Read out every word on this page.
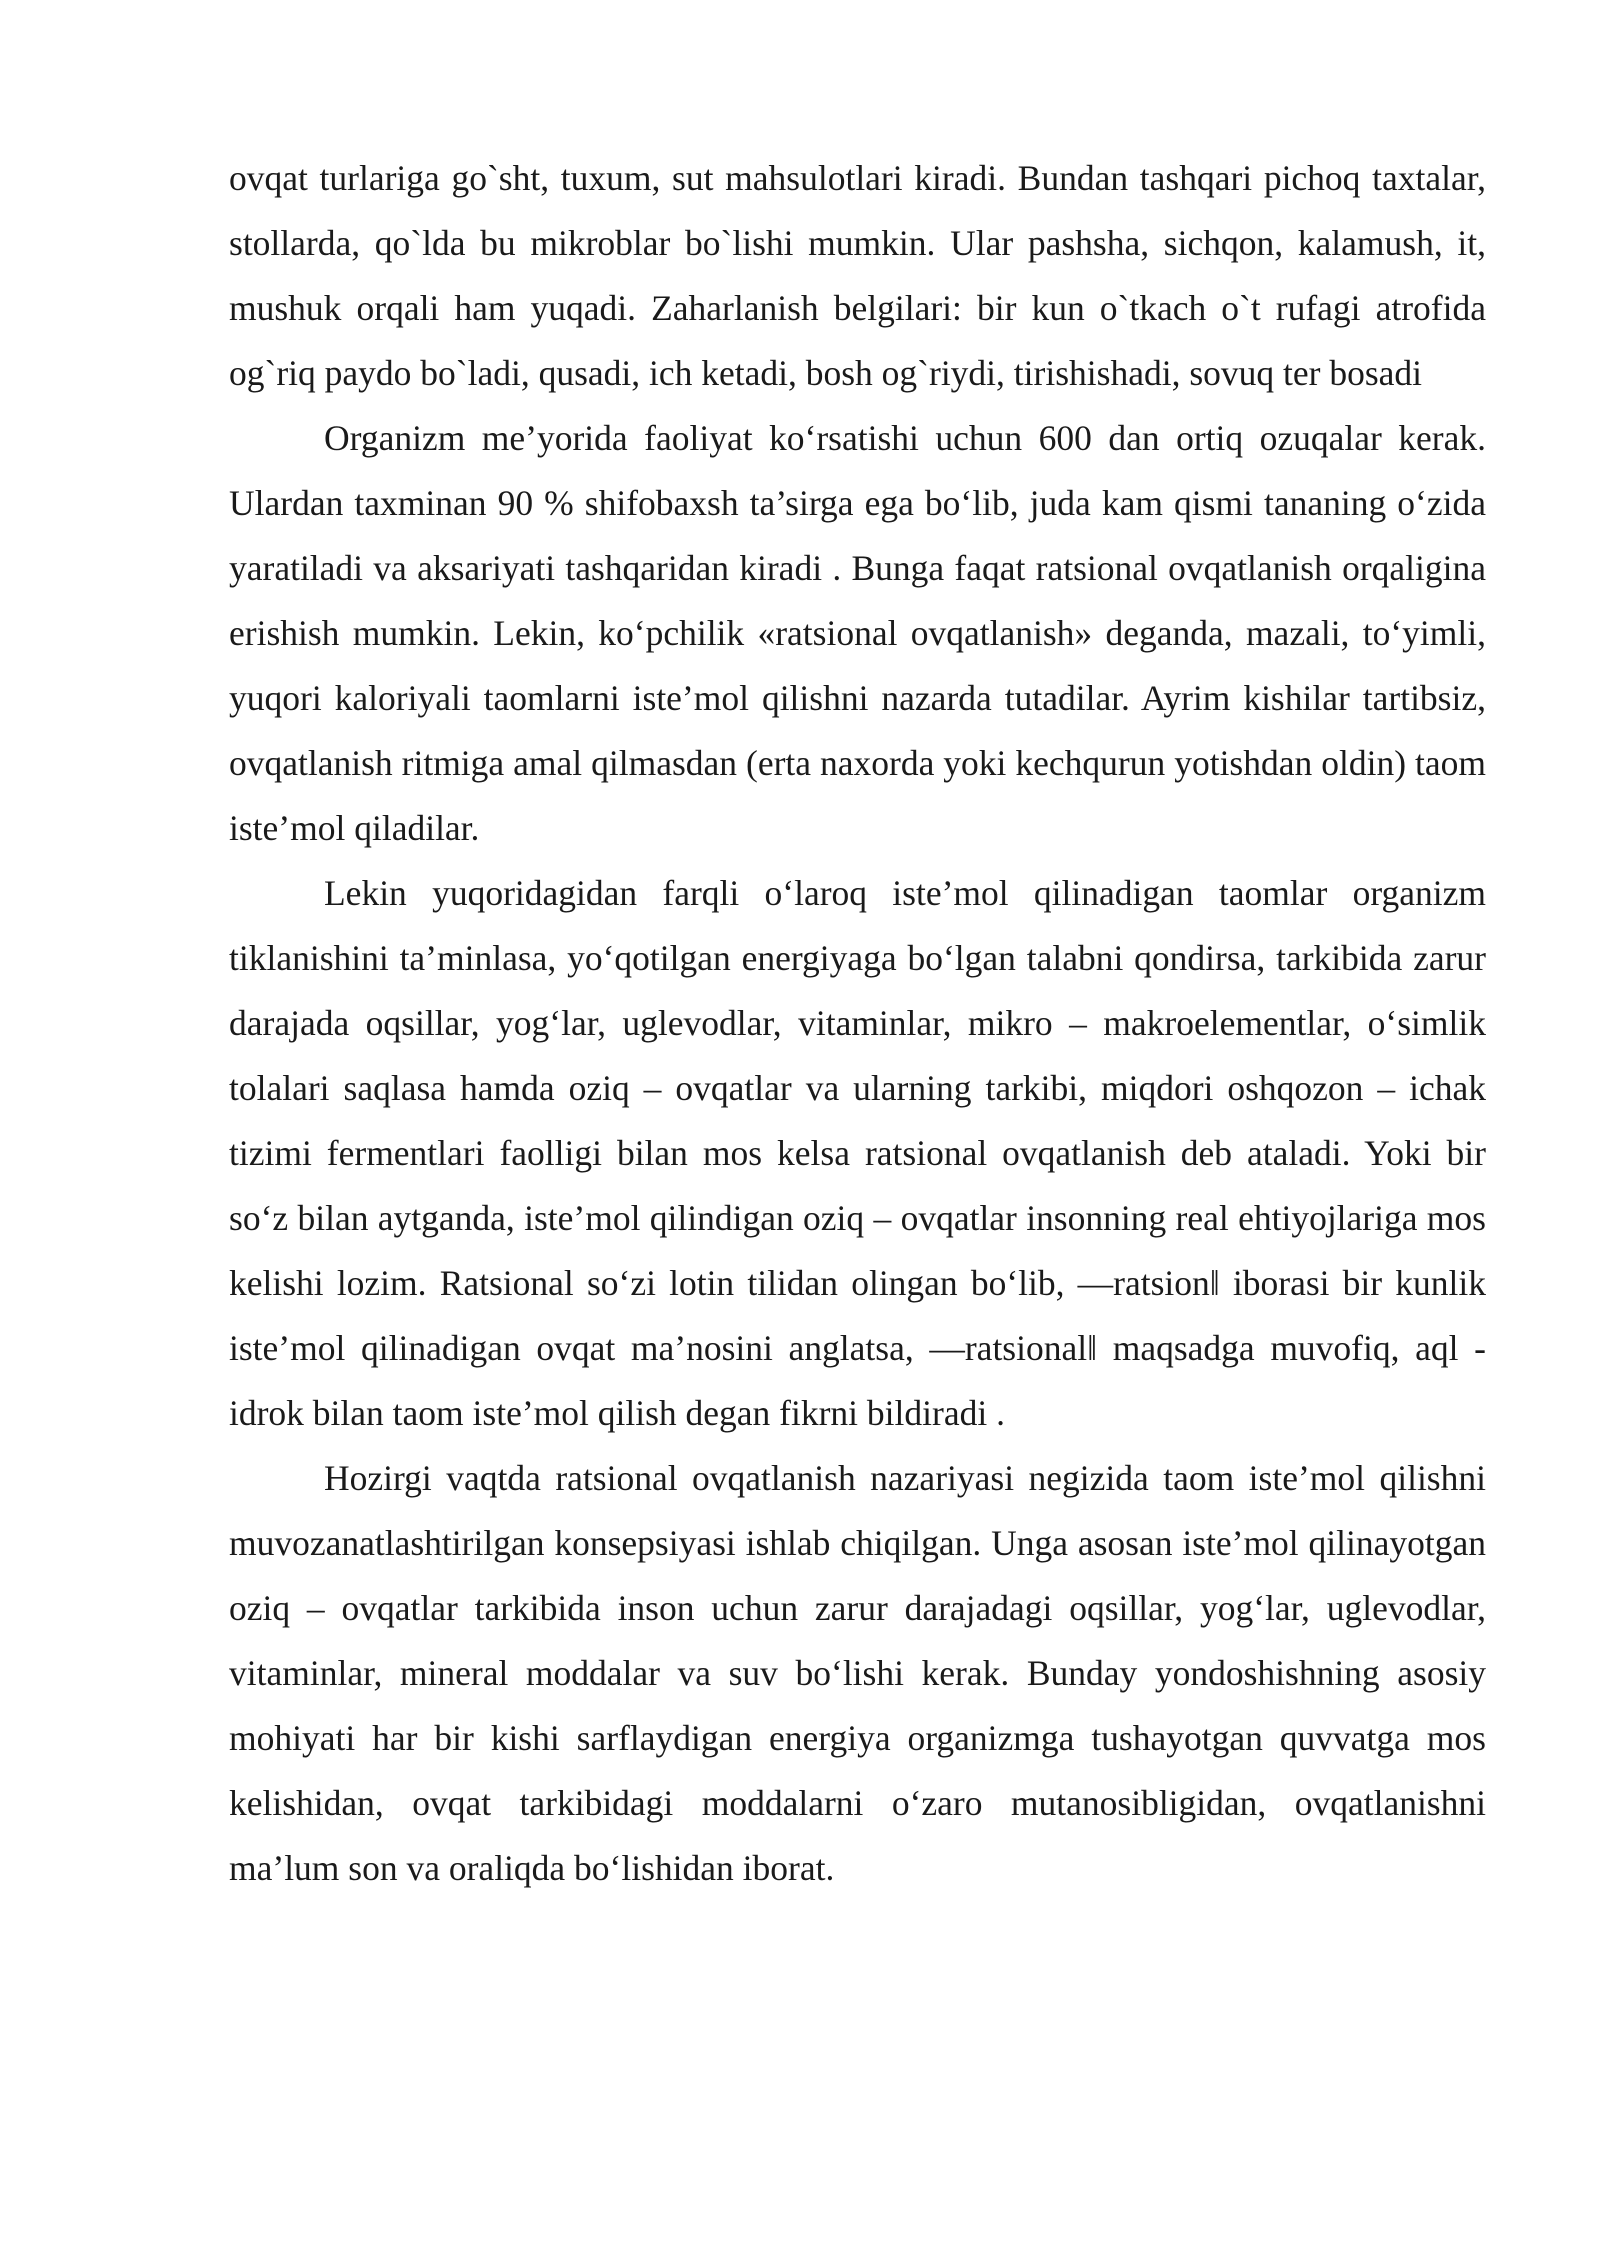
ovqat turlariga go`sht, tuxum, sut mahsulotlari kiradi. Bundan tashqari pichoq taxtalar, stollarda, qo`lda bu mikroblar bo`lishi mumkin. Ular pashsha, sichqon, kalamush, it, mushuk orqali ham yuqadi. Zaharlanish belgilari: bir kun o`tkach o`t rufagi atrofida og`riq paydo bo`ladi, qusadi, ich ketadi, bosh og`riydi, tirishishadi, sovuq ter bosadi

Organizm me’yorida faoliyat ko‘rsatishi uchun 600 dan ortiq ozuqalar kerak. Ulardan taxminan 90 % shifobaxsh ta’sirga ega bo‘lib, juda kam qismi tananing o‘zida yaratiladi va aksariyati tashqaridan kiradi . Bunga faqat ratsional ovqatlanish orqaligina erishish mumkin. Lekin, ko‘pchilik «ratsional ovqatlanish» deganda, mazali, to‘yimli, yuqori kaloriyali taomlarni iste’mol qilishni nazarda tutadilar. Ayrim kishilar tartibsiz, ovqatlanish ritmiga amal qilmasdan (erta naxorda yoki kechqurun yotishdan oldin) taom iste’mol qiladilar.

Lekin yuqoridagidan farqli o‘laroq iste’mol qilinadigan taomlar organizm tiklanishini ta’minlasa, yo‘qotilgan energiyaga bo‘lgan talabni qondirsa, tarkibida zarur darajada oqsillar, yog‘lar, uglevodlar, vitaminlar, mikro – makroelementlar, o‘simlik tolalari saqlasa hamda oziq – ovqatlar va ularning tarkibi, miqdori oshqozon – ichak tizimi fermentlari faolligi bilan mos kelsa ratsional ovqatlanish deb ataladi. Yoki bir so‘z bilan aytganda, iste’mol qilindigan oziq – ovqatlar insonning real ehtiyojlariga mos kelishi lozim. Ratsional so‘zi lotin tilidan olingan bo‘lib, ―ratsion‖ iborasi bir kunlik iste’mol qilinadigan ovqat ma’nosini anglatsa, ―ratsional‖ maqsadga muvofiq, aql - idrok bilan taom iste’mol qilish degan fikrni bildiradi .

Hozirgi vaqtda ratsional ovqatlanish nazariyasi negizida taom iste’mol qilishni muvozanatlashtirilgan konsepsiyasi ishlab chiqilgan. Unga asosan iste’mol qilinayotgan oziq – ovqatlar tarkibida inson uchun zarur darajadagi oqsillar, yog‘lar, uglevodlar, vitaminlar, mineral moddalar va suv bo‘lishi kerak. Bunday yondoshishning asosiy mohiyati har bir kishi sarflaydigan energiya organizmga tushayotgan quvvatga mos kelishidan, ovqat tarkibidagi moddalarni o‘zaro mutanosibligidan, ovqatlanishni ma’lum son va oraliqda bo‘lishidan iborat.
